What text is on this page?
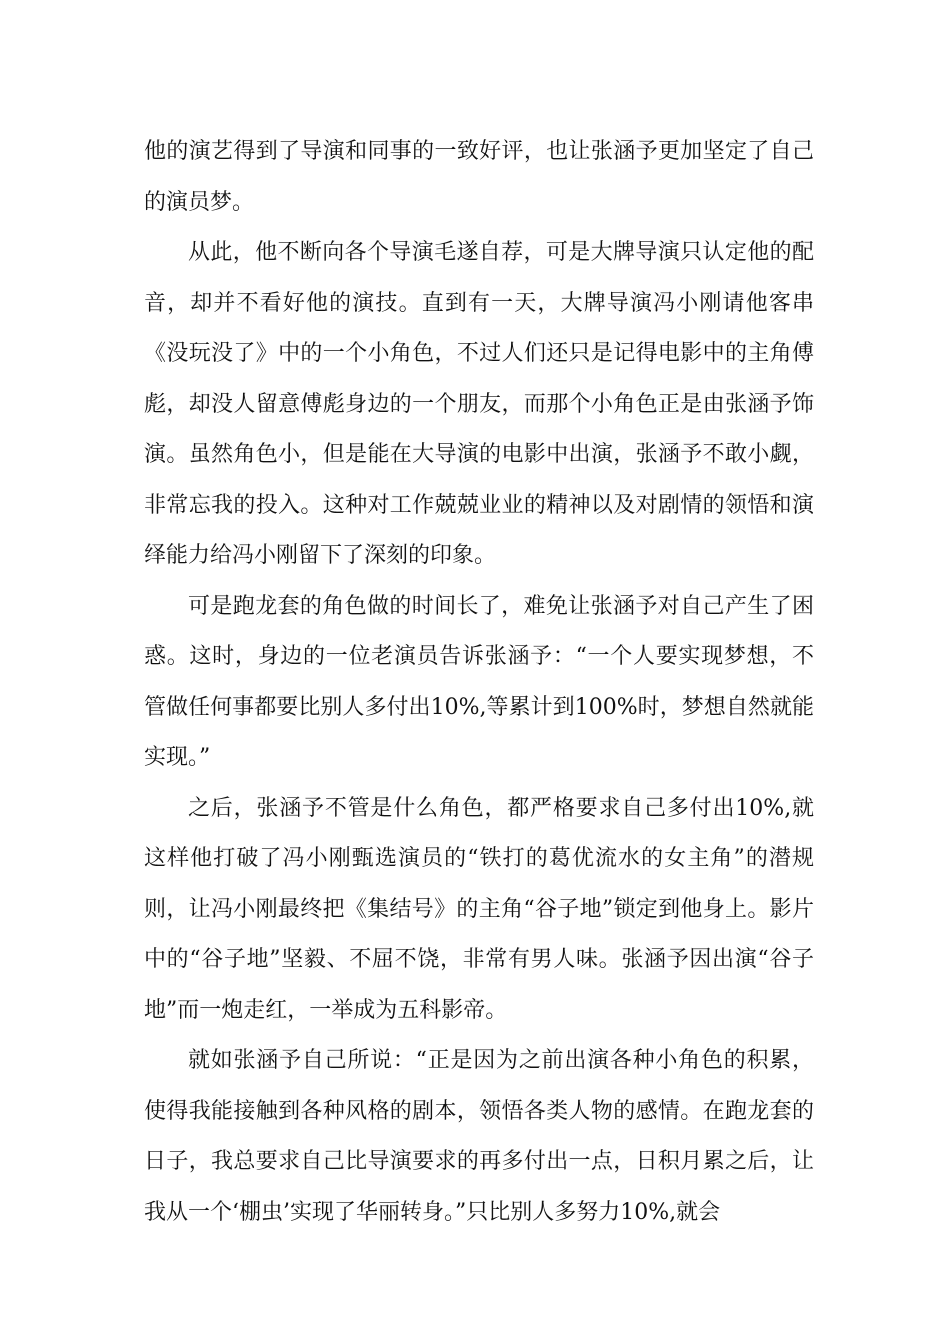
他的演艺得到了导演和同事的一致好评，也让张涵予更加坚定了自己的演员梦。

从此，他不断向各个导演毛遂自荐，可是大牌导演只认定他的配音，却并不看好他的演技。直到有一天，大牌导演冯小刚请他客串《没玩没了》中的一个小角色，不过人们还只是记得电影中的主角傅彪，却没人留意傅彪身边的一个朋友，而那个小角色正是由张涵予饰演。虽然角色小，但是能在大导演的电影中出演，张涵予不敢小觑，非常忘我的投入。这种对工作兢兢业业的精神以及对剧情的领悟和演绎能力给冯小刚留下了深刻的印象。

可是跑龙套的角色做的时间长了，难免让张涵予对自己产生了困惑。这时，身边的一位老演员告诉张涵予：“一个人要实现梦想，不管做任何事都要比别人多付出10%,等累计到100%时，梦想自然就能实现。”

之后，张涵予不管是什么角色，都严格要求自己多付出10%,就这样他打破了冯小刚甄选演员的“铁打的葛优流水的女主角”的潜规则，让冯小刚最终把《集结号》的主角“谷子地”锁定到他身上。影片中的“谷子地”坚毅、不屈不饶，非常有男人味。张涵予因出演“谷子地”而一炮走红，一举成为五科影帝。

就如张涵予自己所说：“正是因为之前出演各种小角色的积累，使得我能接触到各种风格的剧本，领悟各类人物的感情。在跑龙套的日子，我总要求自己比导演要求的再多付出一点，日积月累之后，让我从一个‘棚虫’实现了华丽转身。”只比别人多努力10%,就会
